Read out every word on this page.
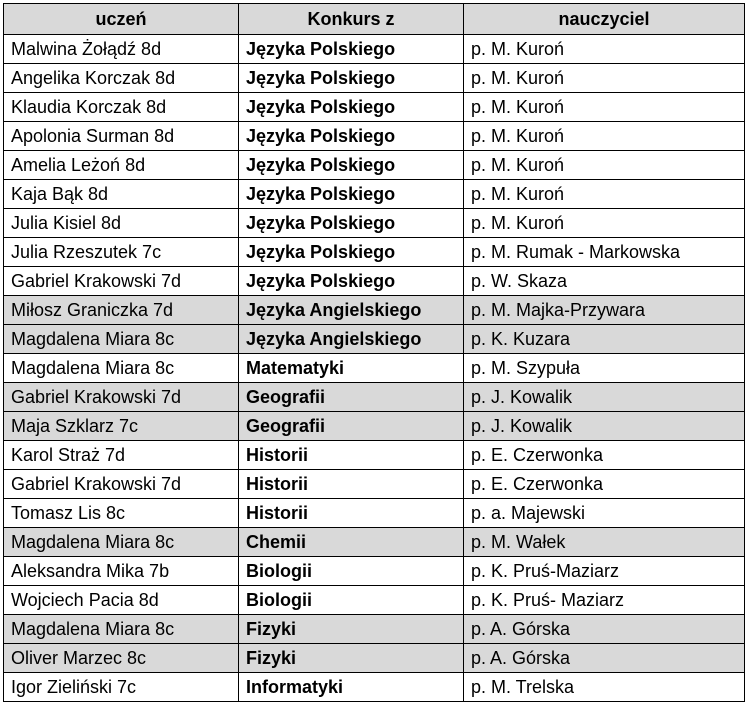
uczeń	Konkurs z	nauczyciel
Malwina Żołądź 8d	Języka Polskiego	p. M. Kuroń
Angelika Korczak 8d	Języka Polskiego	p. M. Kuroń
Klaudia Korczak 8d	Języka Polskiego	p. M. Kuroń
Apolonia Surman 8d	Języka Polskiego	p. M. Kuroń
Amelia Leżoń 8d	Języka Polskiego	p. M. Kuroń
Kaja Bąk 8d	Języka Polskiego	p. M. Kuroń
Julia Kisiel 8d	Języka Polskiego	p. M. Kuroń
Julia Rzeszutek 7c	Języka Polskiego	p. M. Rumak - Markowska
Gabriel Krakowski 7d	Języka Polskiego	p. W. Skaza
Miłosz Graniczka 7d	Języka Angielskiego	p. M. Majka-Przywara
Magdalena Miara 8c	Języka Angielskiego	p. K. Kuzara
Magdalena Miara 8c	Matematyki	p. M. Szypuła
Gabriel Krakowski 7d	Geografii	p. J. Kowalik
Maja Szklarz 7c	Geografii	p. J. Kowalik
Karol Straż 7d	Historii	p. E. Czerwonka
Gabriel Krakowski 7d	Historii	p. E. Czerwonka
Tomasz Lis 8c	Historii	p. a. Majewski
Magdalena Miara 8c	Chemii	p. M. Wałek
Aleksandra Mika 7b	Biologii	p. K. Pruś-Maziarz
Wojciech Pacia 8d	Biologii	p. K. Pruś- Maziarz
Magdalena Miara 8c	Fizyki	p. A. Górska
Oliver Marzec 8c	Fizyki	p. A. Górska
Igor Zieliński 7c	Informatyki	p. M. Trelska
